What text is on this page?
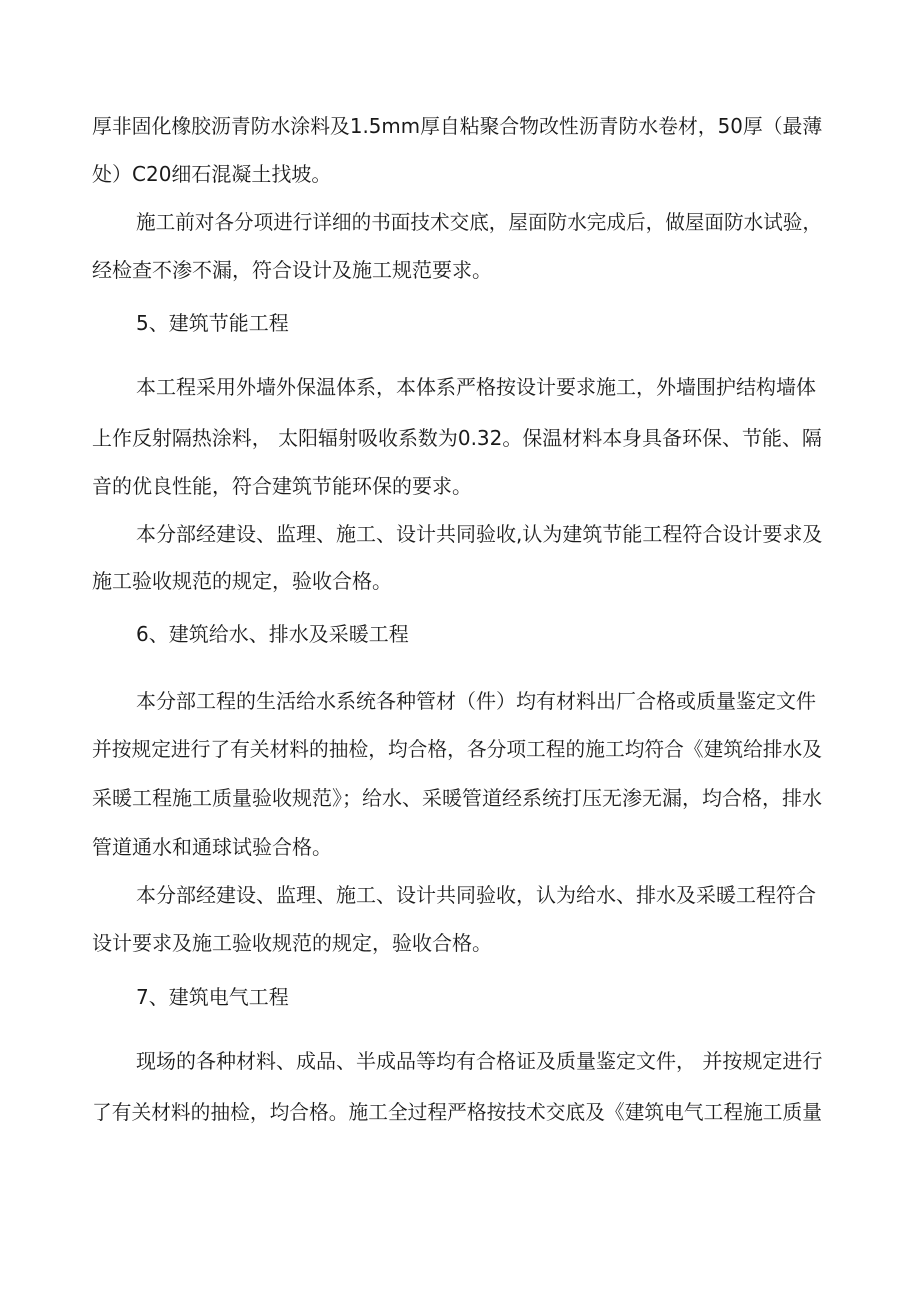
厚非固化橡胶沥青防水涂料及1.5mm厚自粘聚合物改性沥青防水卷材，50厚（最薄
处）C20细石混凝土找坡。
施工前对各分项进行详细的书面技术交底，屋面防水完成后，做屋面防水试验，
经检查不渗不漏，符合设计及施工规范要求。
5、建筑节能工程
本工程采用外墙外保温体系，本体系严格按设计要求施工，外墙围护结构墙体
上作反射隔热涂料， 太阳辐射吸收系数为0.32。保温材料本身具备环保、节能、隔
音的优良性能，符合建筑节能环保的要求。
本分部经建设、监理、施工、设计共同验收,认为建筑节能工程符合设计要求及
施工验收规范的规定，验收合格。
6、建筑给水、排水及采暖工程
本分部工程的生活给水系统各种管材（件）均有材料出厂合格或质量鉴定文件
并按规定进行了有关材料的抽检，均合格，各分项工程的施工均符合《建筑给排水及
采暖工程施工质量验收规范》；给水、采暖管道经系统打压无渗无漏，均合格，排水
管道通水和通球试验合格。
本分部经建设、监理、施工、设计共同验收，认为给水、排水及采暖工程符合
设计要求及施工验收规范的规定，验收合格。
7、建筑电气工程
现场的各种材料、成品、半成品等均有合格证及质量鉴定文件， 并按规定进行
了有关材料的抽检，均合格。施工全过程严格按技术交底及《建筑电气工程施工质量
